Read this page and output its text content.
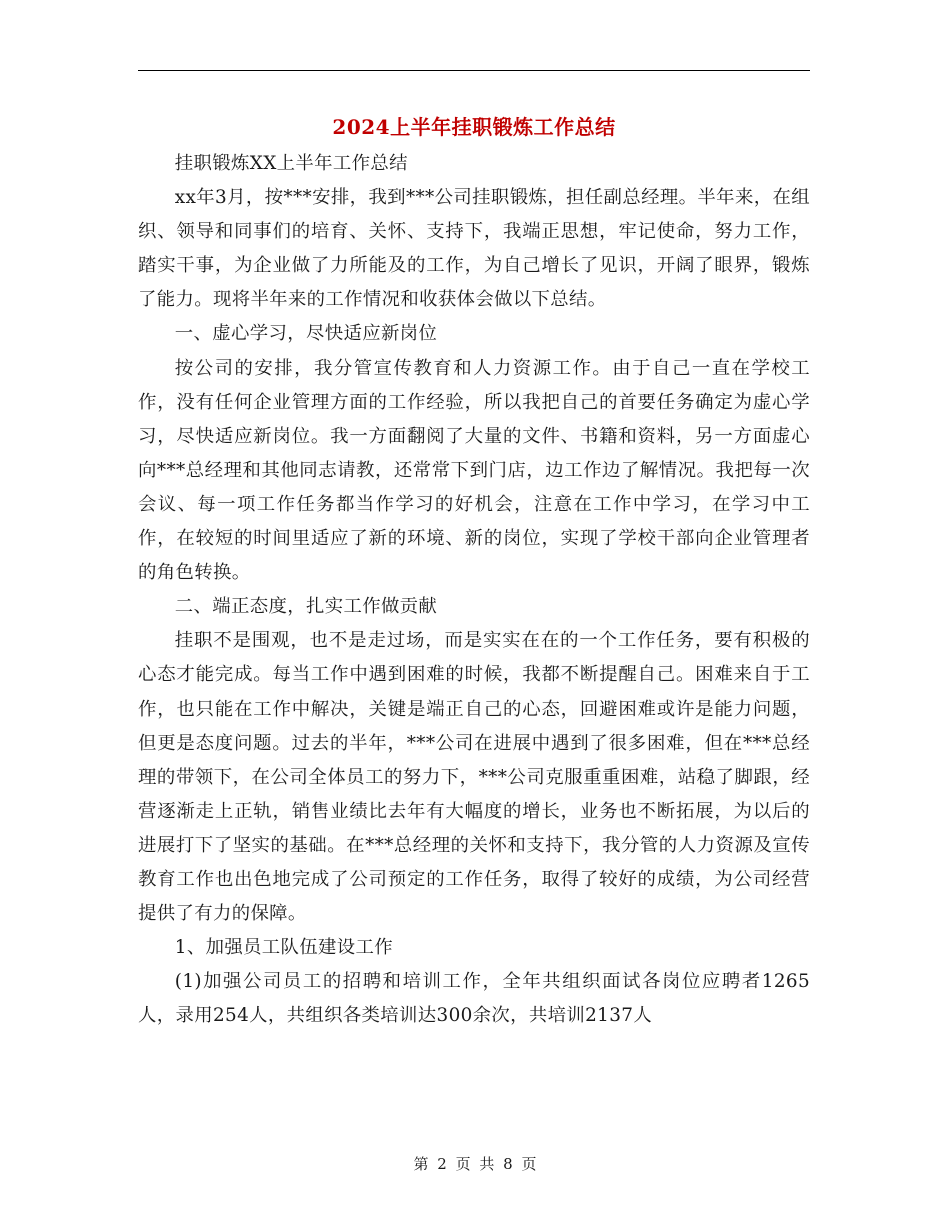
2024上半年挂职锻炼工作总结

挂职锻炼XX上半年工作总结

xx年3月，按***安排，我到***公司挂职锻炼，担任副总经理。半年来，在组织、领导和同事们的培育、关怀、支持下，我端正思想，牢记使命，努力工作，踏实干事，为企业做了力所能及的工作，为自己增长了见识，开阔了眼界，锻炼了能力。现将半年来的工作情况和收获体会做以下总结。

一、虚心学习，尽快适应新岗位

按公司的安排，我分管宣传教育和人力资源工作。由于自己一直在学校工作，没有任何企业管理方面的工作经验，所以我把自己的首要任务确定为虚心学习，尽快适应新岗位。我一方面翻阅了大量的文件、书籍和资料，另一方面虚心向***总经理和其他同志请教，还常常下到门店，边工作边了解情况。我把每一次会议、每一项工作任务都当作学习的好机会，注意在工作中学习，在学习中工作，在较短的时间里适应了新的环境、新的岗位，实现了学校干部向企业管理者的角色转换。

二、端正态度，扎实工作做贡献

挂职不是围观，也不是走过场，而是实实在在的一个工作任务，要有积极的心态才能完成。每当工作中遇到困难的时候，我都不断提醒自己。困难来自于工作，也只能在工作中解决，关键是端正自己的心态，回避困难或许是能力问题，但更是态度问题。过去的半年，***公司在进展中遇到了很多困难，但在***总经理的带领下，在公司全体员工的努力下，***公司克服重重困难，站稳了脚跟，经营逐渐走上正轨，销售业绩比去年有大幅度的增长，业务也不断拓展，为以后的进展打下了坚实的基础。在***总经理的关怀和支持下，我分管的人力资源及宣传教育工作也出色地完成了公司预定的工作任务，取得了较好的成绩，为公司经营提供了有力的保障。

1、加强员工队伍建设工作

(1)加强公司员工的招聘和培训工作，全年共组织面试各岗位应聘者1265人，录用254人，共组织各类培训达300余次，共培训2137人

第 2 页 共 8 页
